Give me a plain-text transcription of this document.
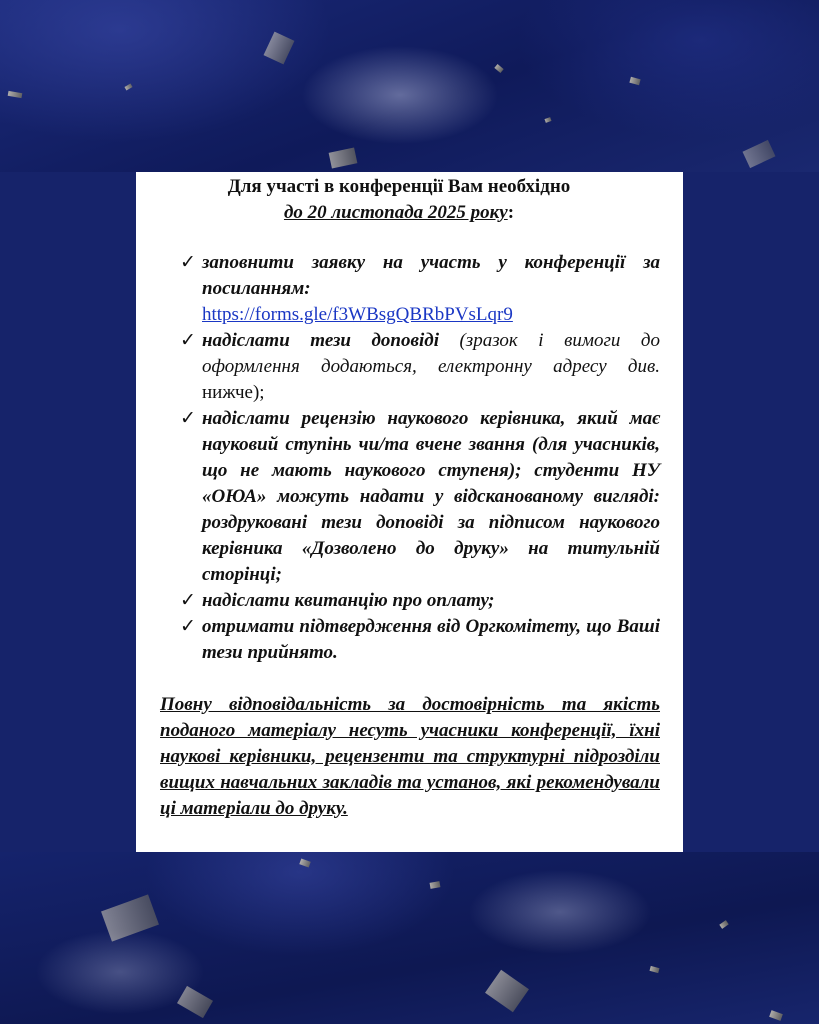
Для участі в конференції Вам необхідно
до 20 листопада 2025 року:
✓ заповнити заявку на участь у конференції за посиланням:
https://forms.gle/f3WBsgQBRbPVsLqr9
✓ надіслати тези доповіді (зразок і вимоги до оформлення додаються, електронну адресу див. нижче);
✓ надіслати рецензію наукового керівника, який має науковий ступінь чи/та вчене звання (для учасників, що не мають наукового ступеня); студенти НУ «ОЮА» можуть надати у відскан​ованому вигляді: роздруковані тези доповіді за підписом наукового керівника «Дозволено до друку» на титульній сторінці;
✓ надіслати квитанцію про оплату;
✓ отримати підтвердження від Оргкомітету, що Ваші тези прийнято.
Повну відповідальність за достовірність та якість поданого матеріалу несуть учасники конференції, їхні наукові керівники, рецензенти та структурні підрозділи вищих навчальних закладів та установ, які рекомендували ці матеріали до друку.
